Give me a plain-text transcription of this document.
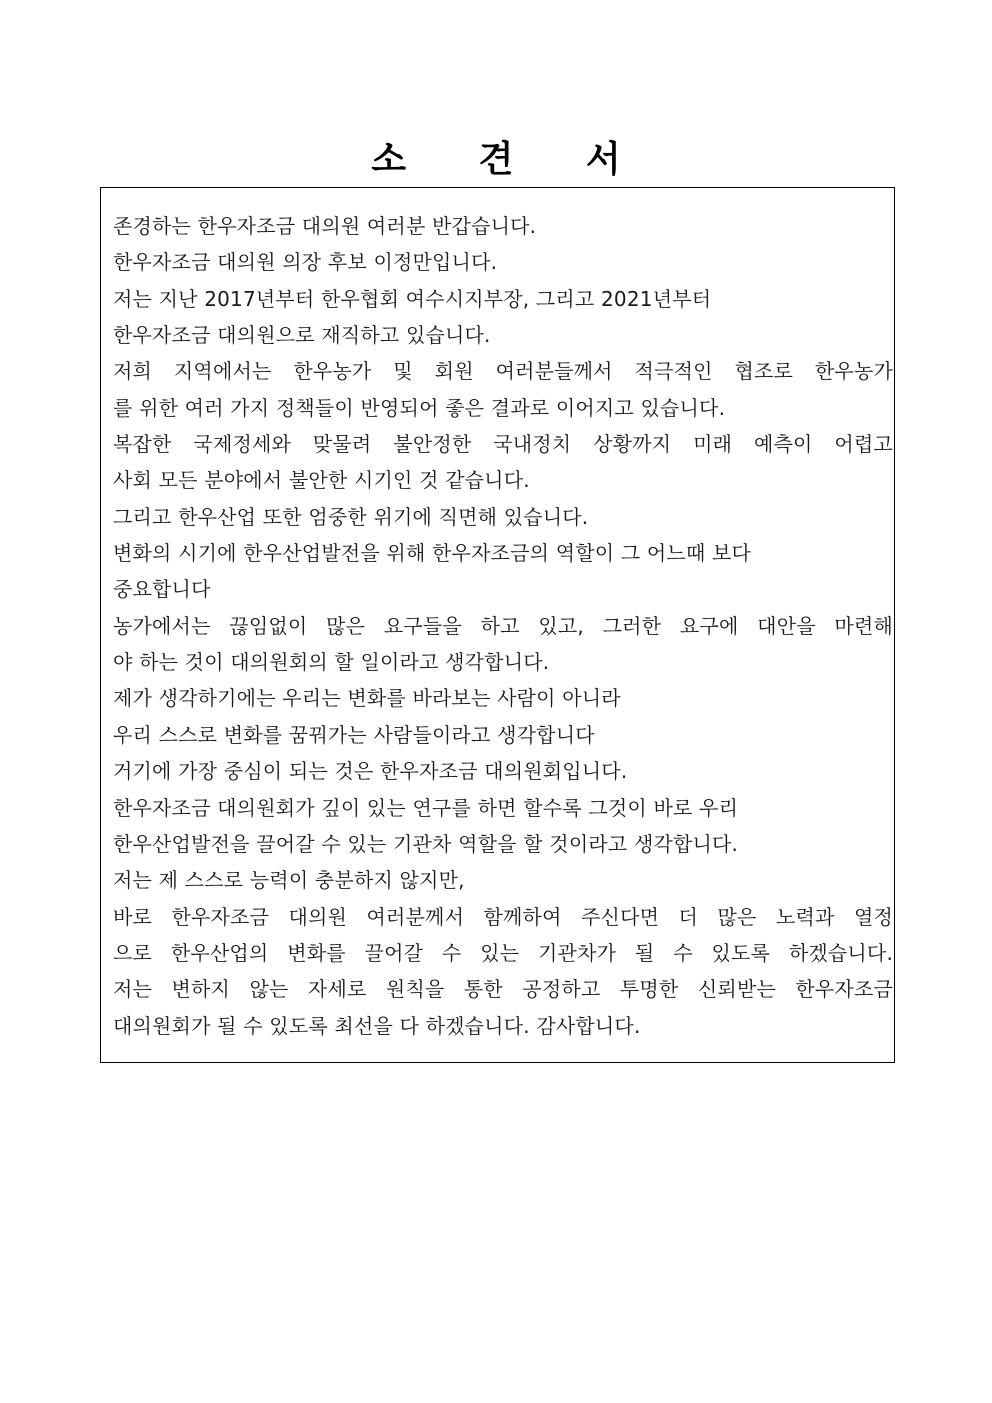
소 견 서
존경하는 한우자조금 대의원 여러분 반갑습니다.
한우자조금 대의원 의장 후보 이정만입니다.
저는 지난 2017년부터 한우협회 여수시지부장, 그리고 2021년부터
한우자조금 대의원으로 재직하고 있습니다.
저희 지역에서는 한우농가 및 회원 여러분들께서 적극적인 협조로 한우농가
를 위한 여러 가지 정책들이 반영되어 좋은 결과로 이어지고 있습니다.
복잡한 국제정세와 맞물려 불안정한 국내정치 상황까지 미래 예측이 어렵고
사회 모든 분야에서 불안한 시기인 것 같습니다.
그리고 한우산업 또한 엄중한 위기에 직면해 있습니다.
변화의 시기에 한우산업발전을 위해 한우자조금의 역할이 그 어느때 보다
중요합니다
농가에서는 끊임없이 많은 요구들을 하고 있고, 그러한 요구에 대안을 마련해
야 하는 것이 대의원회의 할 일이라고 생각합니다.
제가 생각하기에는 우리는 변화를 바라보는 사람이 아니라
우리 스스로 변화를 꿈꿔가는 사람들이라고 생각합니다
거기에 가장 중심이 되는 것은 한우자조금 대의원회입니다.
한우자조금 대의원회가 깊이 있는 연구를 하면 할수록 그것이 바로 우리
한우산업발전을 끌어갈 수 있는 기관차 역할을 할 것이라고 생각합니다.
저는 제 스스로 능력이 충분하지 않지만,
바로 한우자조금 대의원 여러분께서 함께하여 주신다면 더 많은 노력과 열정
으로 한우산업의 변화를 끌어갈 수 있는 기관차가 될 수 있도록 하겠습니다.
저는 변하지 않는 자세로 원칙을 통한 공정하고 투명한 신뢰받는 한우자조금
대의원회가 될 수 있도록 최선을 다 하겠습니다. 감사합니다.
